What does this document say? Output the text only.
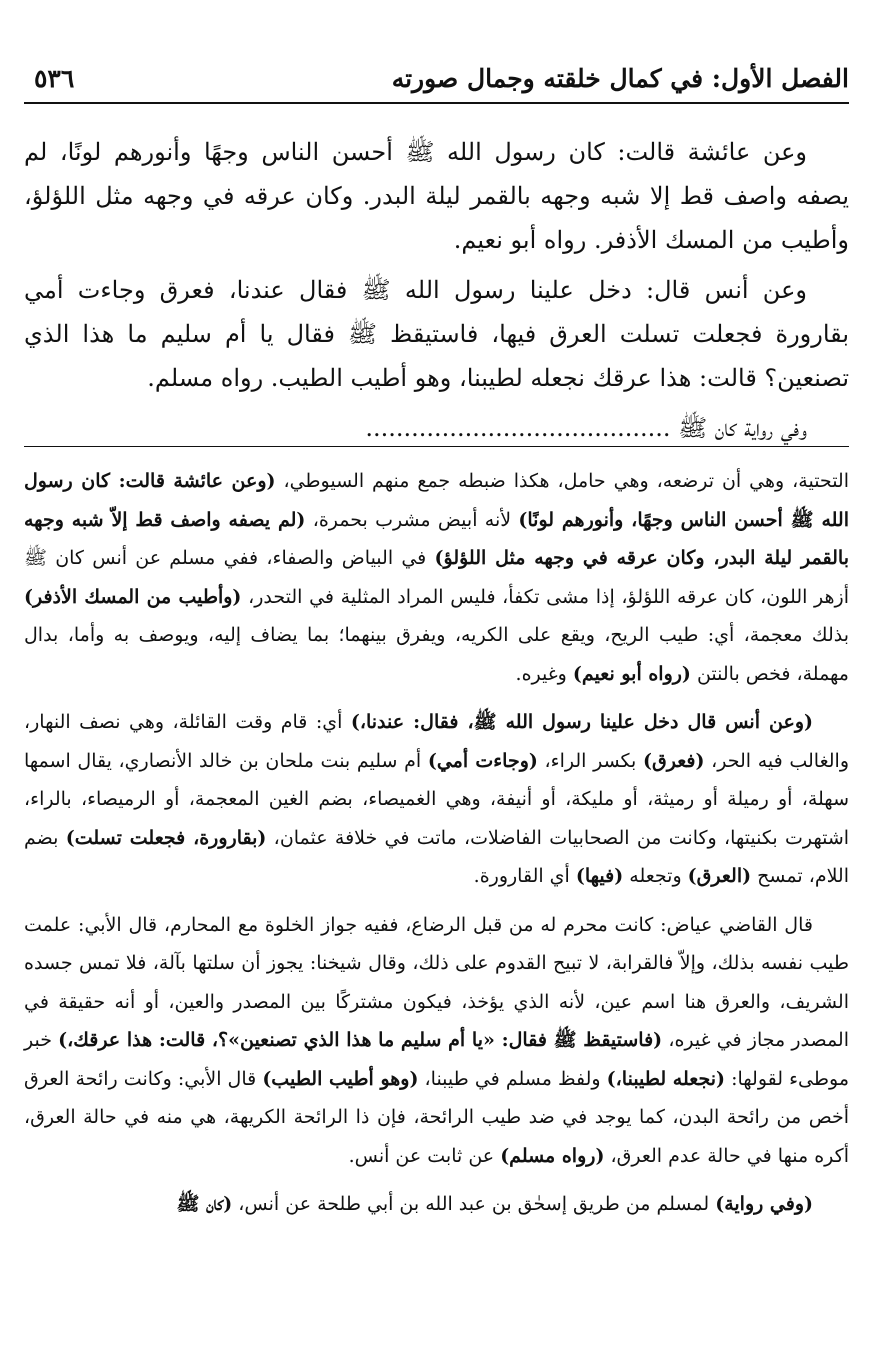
الفصل الأول: في كمال خلقته وجمال صورته
٥٣٦

وعن عائشة قالت: كان رسول الله ﷺ أحسن الناس وجهًا وأنورهم لونًا، لم يصفه واصف قط إلا شبه وجهه بالقمر ليلة البدر. وكان عرقه في وجهه مثل اللؤلؤ، وأطيب من المسك الأذفر. رواه أبو نعيم.

وعن أنس قال: دخل علينا رسول الله ﷺ فقال عندنا، فعرق وجاءت أمي بقارورة فجعلت تسلت العرق فيها، فاستيقظ ﷺ فقال يا أم سليم ما هذا الذي تصنعين؟ قالت: هذا عرقك نجعله لطيبنا، وهو أطيب الطيب. رواه مسلم.

وفي رواية كان ﷺ ........................................

التحتية، وهي أن ترضعه، وهي حامل، هكذا ضبطه جمع منهم السيوطي، (وعن عائشة قالت: كان رسول الله ﷺ أحسن الناس وجهًا، وأنورهم لونًا) لأنه أبيض مشرب بحمرة، (لم يصفه واصف قط إلاّ شبه وجهه بالقمر ليلة البدر، وكان عرقه في وجهه مثل اللؤلؤ) في البياض والصفاء، ففي مسلم عن أنس كان ﷺ أزهر اللون، كان عرقه اللؤلؤ، إذا مشى تكفأ، فليس المراد المثلية في التحدر، (وأطيب من المسك الأذفر) بذلك معجمة، أي: طيب الريح، ويقع على الكريه، ويفرق بينهما؛ بما يضاف إليه، ويوصف به وأما، بدال مهملة، فخص بالنتن (رواه أبو نعيم) وغيره.

(وعن أنس قال دخل علينا رسول الله ﷺ، فقال: عندنا،) أي: قام وقت القائلة، وهي نصف النهار، والغالب فيه الحر، (فعرق) بكسر الراء، (وجاءت أمي) أم سليم بنت ملحان بن خالد الأنصاري، يقال اسمها سهلة، أو رميلة أو رميثة، أو مليكة، أو أنيفة، وهي الغميصاء، بضم الغين المعجمة، أو الرميصاء، بالراء، اشتهرت بكنيتها، وكانت من الصحابيات الفاضلات، ماتت في خلافة عثمان، (بقارورة، فجعلت تسلت) بضم اللام، تمسح (العرق) وتجعله (فيها) أي القارورة.

قال القاضي عياض: كانت محرم له من قبل الرضاع، ففيه جواز الخلوة مع المحارم، قال الأبي: علمت طيب نفسه بذلك، وإلاّ فالقرابة، لا تبيح القدوم على ذلك، وقال شيخنا: يجوز أن سلتها بآلة، فلا تمس جسده الشريف، والعرق هنا اسم عين، لأنه الذي يؤخذ، فيكون مشتركًا بين المصدر والعين، أو أنه حقيقة في المصدر مجاز في غيره، (فاستيقظ ﷺ فقال: «يا أم سليم ما هذا الذي تصنعين»؟، قالت: هذا عرقك،) خبر موطىء لقولها: (نجعله لطيبنا،) ولفظ مسلم في طيبنا، (وهو أطيب الطيب) قال الأبي: وكانت رائحة العرق أخص من رائحة البدن، كما يوجد في ضد طيب الرائحة، فإن ذا الرائحة الكريهة، هي منه في حالة العرق، أكره منها في حالة عدم العرق، (رواه مسلم) عن ثابت عن أنس.

(وفي رواية) لمسلم من طريق إسحٰق بن عبد الله بن أبي طلحة عن أنس، (كان ﷺ
